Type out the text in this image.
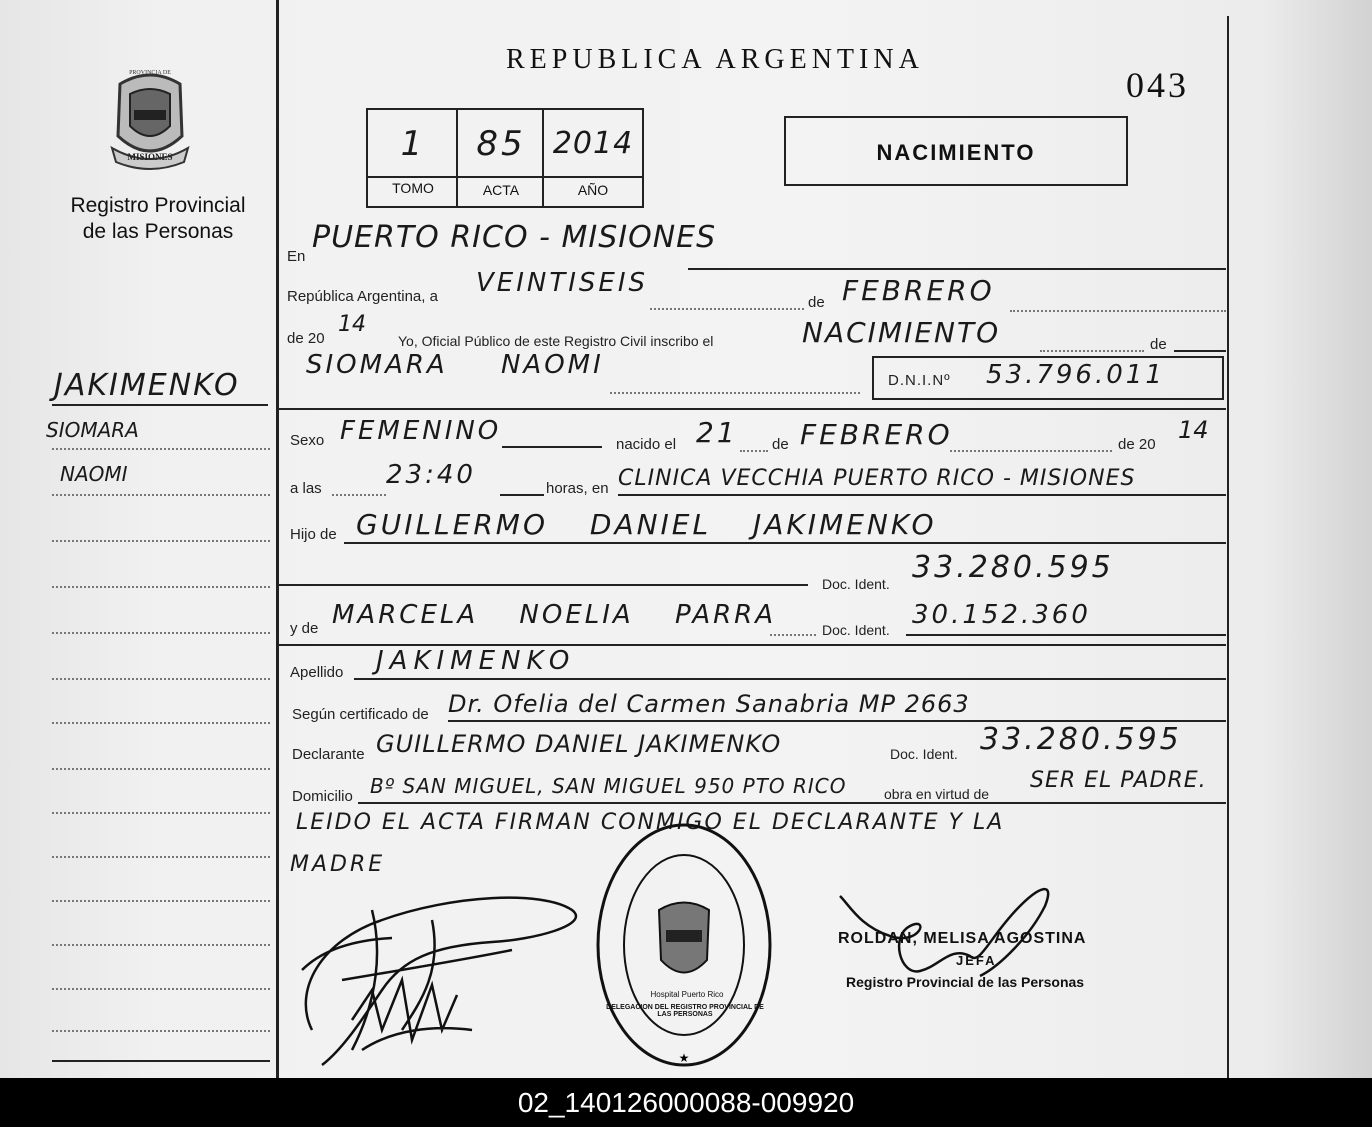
PROVINCIA DE
MISIONES
Registro Provincial
de las Personas
JAKIMENKO
SIOMARA
NAOMI
REPUBLICA ARGENTINA
043
1	85 2014
TOMO	ACTA	AÑO
NACIMIENTO
En
PUERTO RICO - MISIONES
República Argentina, a VEINTISEIS
de FEBRERO
de 20
14
Yo, Oficial Público de este Registro Civil inscribo el	NACIMIENTO	de
SIOMARA NAOMI
D.N.I.Nº 53.796.011
Sexo FEMENINO	nacido el 21 de FEBRERO	de 20
14
a las 23:40	horas, en CLINICA VECCHIA PUERTO RICO - MISIONES
Hijo de GUILLERMO DANIEL JAKIMENKO
Doc. Ident. 33.280.595
y de MARCELA NOELIA PARRA	Doc. Ident. 30.152.360
Apellido JAKIMENKO
Según certificado de Dr. Ofelia del Carmen Sanabria MP 2663
Declarante GUILLERMO DANIEL JAKIMENKO	Doc. Ident. 33.280.595
Domicilio Bº SAN MIGUEL, SAN MIGUEL 950 PTO RICO	obra en virtud de
SER EL PADRE.
LEIDO EL ACTA FIRMAN CONMIGO EL DECLARANTE Y LA
MADRE
★
DELEGACION DEL REGISTRO PROVINCIAL DE LAS PERSONAS
Hospital Puerto Rico
ROLDAN, MELISA AGOSTINA
JEFA
Registro Provincial de las Personas
02_140126000088-009920
